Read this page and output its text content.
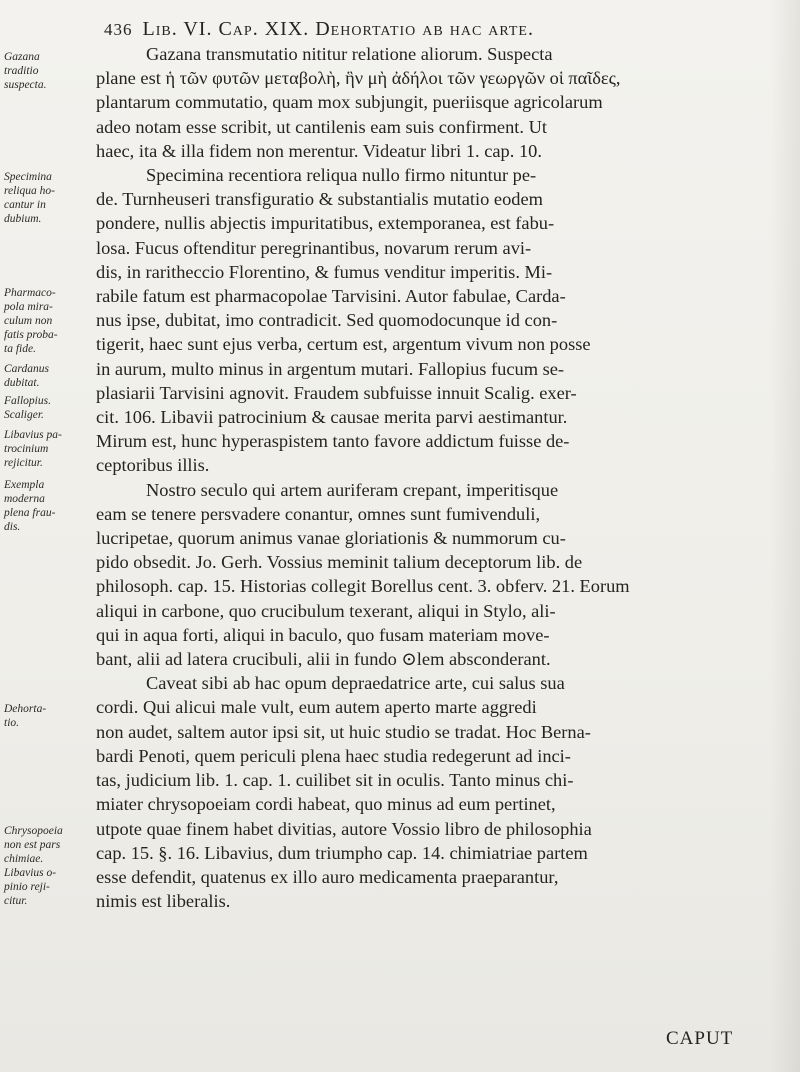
436 Lib. VI. Cap. XIX. Dehortatio ab hac arte.
Gazana
traditio
suspecta.
Specimina
reliqua ho-
cantur in
dubium.
Pharmaco-
pola mira-
culum non
fatis proba-
ta fide.
Cardanus
dubitat.
Fallopius.
Scaliger.
Libavius pa-
trocinium
rejicitur.
Exempla
moderna
plena frau-
dis.
Dehorta-
tio.
Chrysopoeia
non est pars
chimiae.
Libavius o-
pinio reji-
citur.
Gazana transmutatio nititur relatione aliorum. Suspecta
plane est ἡ τῶν φυτῶν μεταβολὴ, ἣν μὴ ἀδήλοι τῶν γεωργῶν οἱ παῖδες,
plantarum commutatio, quam mox subjungit, pueriisque agricolarum
adeo notam esse scribit, ut cantilenis eam suis confirment. Ut
haec, ita & illa fidem non merentur. Videatur libri 1. cap. 10.
Specimina recentiora reliqua nullo firmo nituntur pe-
de. Turnheuseri transfiguratio & substantialis mutatio eodem
pondere, nullis abjectis impuritatibus, extemporanea, est fabu-
losa. Fucus oftenditur peregrinantibus, novarum rerum avi-
dis, in raritheccio Florentino, & fumus venditur imperitis. Mi-
rabile fatum est pharmacopolae Tarvisini. Autor fabulae, Carda-
nus ipse, dubitat, imo contradicit. Sed quomodocunque id con-
tigerit, haec sunt ejus verba, certum est, argentum vivum non posse
in aurum, multo minus in argentum mutari. Fallopius fucum se-
plasiarii Tarvisini agnovit. Fraudem subfuisse innuit Scalig. exer-
cit. 106. Libavii patrocinium & causae merita parvi aestimantur.
Mirum est, hunc hyperaspistem tanto favore addictum fuisse de-
ceptoribus illis.
Nostro seculo qui artem auriferam crepant, imperitisque
eam se tenere persvadere conantur, omnes sunt fumivenduli,
lucripetae, quorum animus vanae gloriationis & nummorum cu-
pido obsedit. Jo. Gerh. Vossius meminit talium deceptorum lib. de
philosoph. cap. 15. Historias collegit Borellus cent. 3. obferv. 21. Eorum
aliqui in carbone, quo crucibulum texerant, aliqui in Stylo, ali-
qui in aqua forti, aliqui in baculo, quo fusam materiam move-
bant, alii ad latera crucibuli, alii in fundo ⊙lem absconderant.
Caveat sibi ab hac opum depraedatrice arte, cui salus sua
cordi. Qui alicui male vult, eum autem aperto marte aggredi
non audet, saltem autor ipsi sit, ut huic studio se tradat. Hoc Berna-
bardi Penoti, quem periculi plena haec studia redegerunt ad inci-
tas, judicium lib. 1. cap. 1. cuilibet sit in oculis. Tanto minus chi-
miater chrysopoeiam cordi habeat, quo minus ad eum pertinet,
utpote quae finem habet divitias, autore Vossio libro de philosophia
cap. 15. §. 16. Libavius, dum triumpho cap. 14. chimiatriae partem
esse defendit, quatenus ex illo auro medicamenta praeparantur,
nimis est liberalis.
CAPUT
